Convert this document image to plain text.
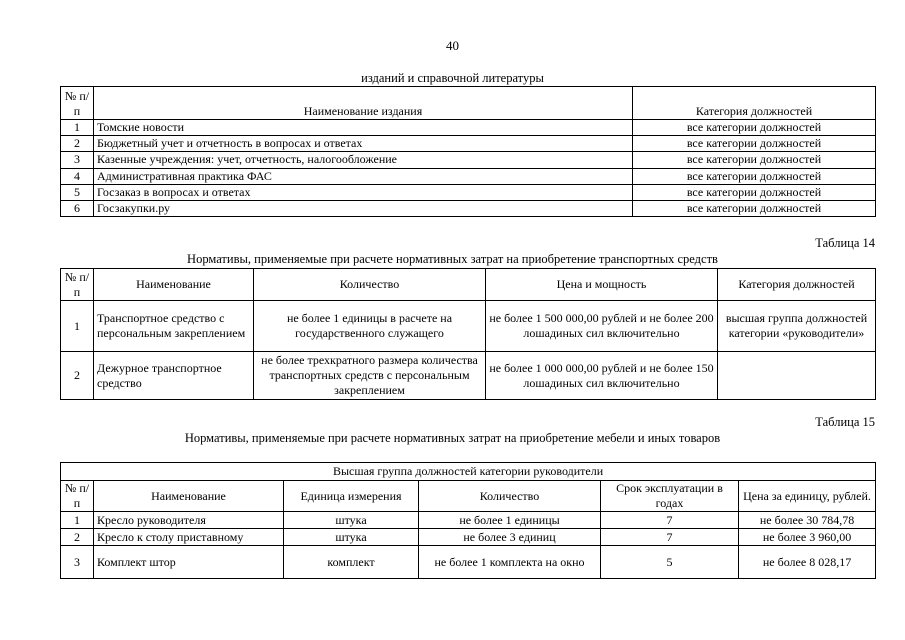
40
изданий и справочной литературы
№ п/п	Наименование издания	Категория должностей
1	Томские новости	все категории должностей
2	Бюджетный учет и отчетность в вопросах и ответах	все категории должностей
3	Казенные учреждения: учет, отчетность, налогообложение	все категории должностей
4	Административная практика ФАС	все категории должностей
5	Госзаказ в вопросах и ответах	все категории должностей
6	Госзакупки.ру	все категории должностей
Таблица 14
Нормативы, применяемые при расчете нормативных затрат на приобретение транспортных средств
№ п/п	Наименование	Количество	Цена и мощность	Категория должностей
1	Транспортное средство с персональным закреплением	не более 1 единицы в расчете на государственного служащего	не более 1 500 000,00 рублей и не более 200 лошадиных сил включительно	высшая группа должностей категории «руководители»
2	Дежурное транспортное средство	не более трехкратного размера количества транспортных средств с персональным закреплением	не более 1 000 000,00 рублей и не более 150 лошадиных сил включительно	
Таблица 15
Нормативы, применяемые при расчете нормативных затрат на приобретение мебели и иных товаров
Высшая группа должностей категории руководители					
№ п/п	Наименование	Единица измерения	Количество	Срок эксплуатации в годах	Цена за единицу, рублей.
1	Кресло руководителя	штука	не более 1 единицы	7	не более 30 784,78
2	Кресло к столу приставному	штука	не более 3 единиц	7	не более 3 960,00
3	Комплект штор	комплект	не более 1 комплекта на окно	5	не более 8 028,17
